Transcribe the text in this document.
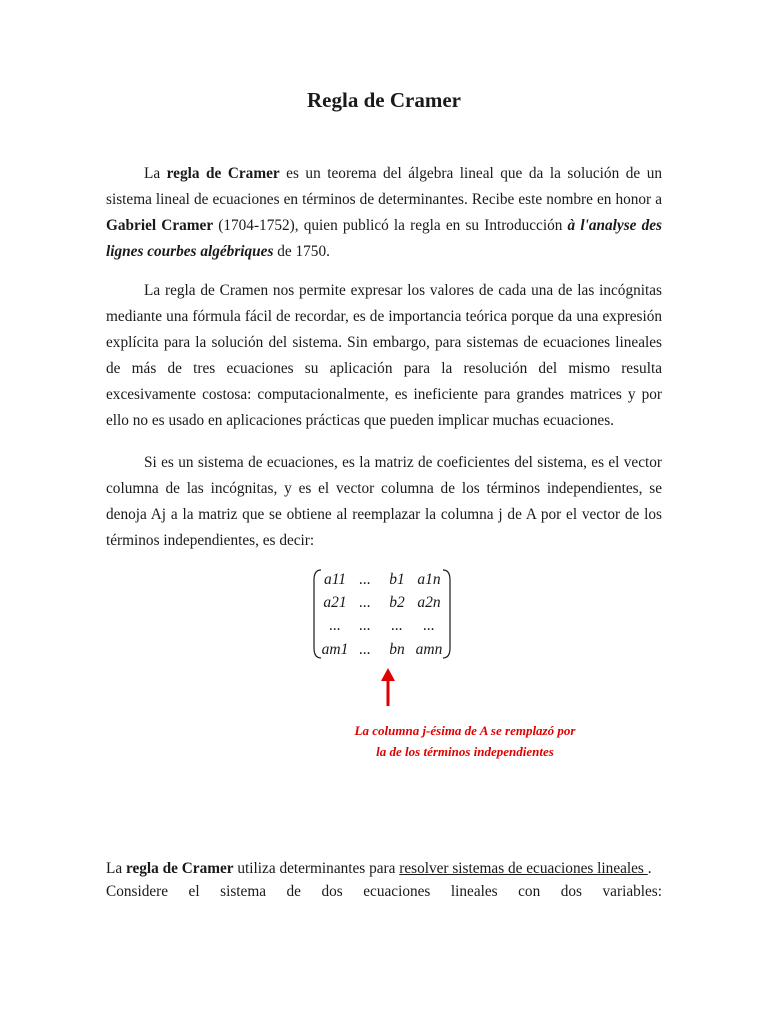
Regla de Cramer

La regla de Cramer es un teorema del álgebra lineal que da la solución de un sistema lineal de ecuaciones en términos de determinantes. Recibe este nombre en honor a Gabriel Cramer (1704-1752), quien publicó la regla en su Introducción à l'analyse des lignes courbes algébriques de 1750.

La regla de Cramen nos permite expresar los valores de cada una de las incógnitas mediante una fórmula fácil de recordar, es de importancia teórica porque da una expresión explícita para la solución del sistema. Sin embargo, para sistemas de ecuaciones lineales de más de tres ecuaciones su aplicación para la resolución del mismo resulta excesivamente costosa: computacionalmente, es ineficiente para grandes matrices y por ello no es usado en aplicaciones prácticas que pueden implicar muchas ecuaciones.

Si es un sistema de ecuaciones, es la matriz de coeficientes del sistema, es el vector columna de las incógnitas, y es el vector columna de los términos independientes, se denoja Aj a la matriz que se obtiene al reemplazar la columna j de A por el vector de los términos independientes, es decir:

a11 ...	b1 a1n
a21 ...	b2 a2n
...	...	...	...
am1 ...	bn amn
La columna j-ésima de A se remplazó por la de los términos independientes

La regla de Cramer utiliza determinantes para resolver sistemas de ecuaciones lineales .

Considere el sistema de dos ecuaciones lineales con dos variables:
